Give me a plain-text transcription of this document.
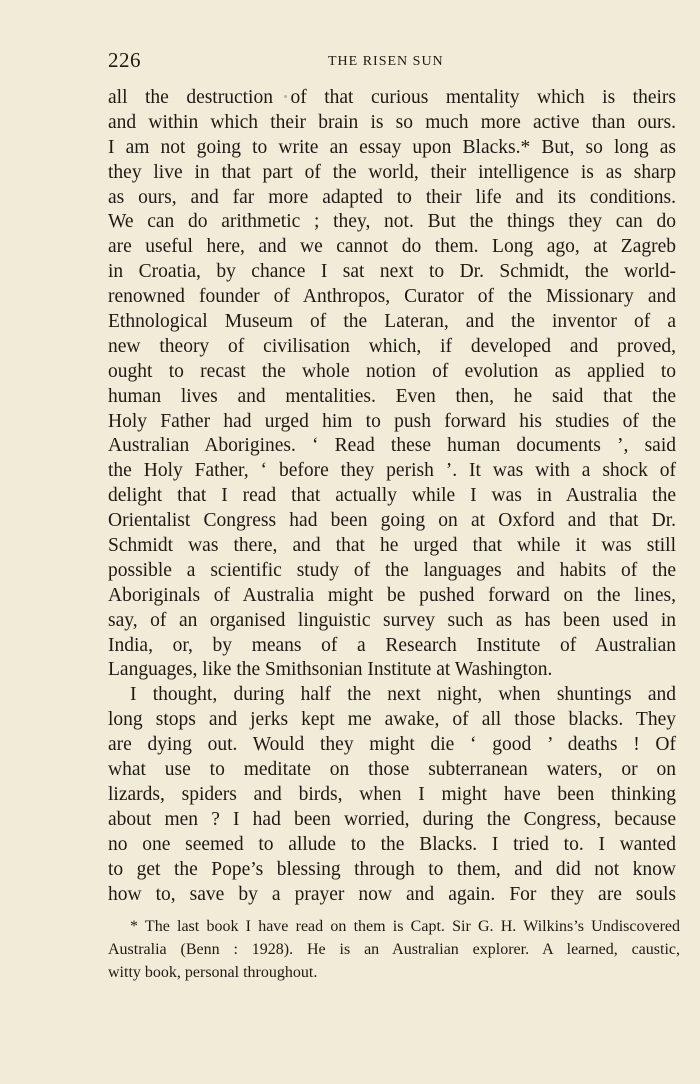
226	THE RISEN SUN
all the destruction of that curious mentality which is theirs
and within which their brain is so much more active than ours.
I am not going to write an essay upon Blacks.* But, so long as
they live in that part of the world, their intelligence is as sharp
as ours, and far more adapted to their life and its conditions.
We can do arithmetic ; they, not. But the things they can do
are useful here, and we cannot do them. Long ago, at Zagreb
in Croatia, by chance I sat next to Dr. Schmidt, the world-
renowned founder of Anthropos, Curator of the Missionary and
Ethnological Museum of the Lateran, and the inventor of a
new theory of civilisation which, if developed and proved,
ought to recast the whole notion of evolution as applied to
human lives and mentalities. Even then, he said that the
Holy Father had urged him to push forward his studies of the
Australian Aborigines. ‘ Read these human documents ’, said
the Holy Father, ‘ before they perish ’. It was with a shock of
delight that I read that actually while I was in Australia the
Orientalist Congress had been going on at Oxford and that Dr.
Schmidt was there, and that he urged that while it was still
possible a scientific study of the languages and habits of the
Aboriginals of Australia might be pushed forward on the lines,
say, of an organised linguistic survey such as has been used in
India, or, by means of a Research Institute of Australian
Languages, like the Smithsonian Institute at Washington.
I thought, during half the next night, when shuntings and
long stops and jerks kept me awake, of all those blacks. They
are dying out. Would they might die ‘ good ’ deaths ! Of
what use to meditate on those subterranean waters, or on
lizards, spiders and birds, when I might have been thinking
about men ? I had been worried, during the Congress, because
no one seemed to allude to the Blacks. I tried to. I wanted
to get the Pope’s blessing through to them, and did not know
how to, save by a prayer now and again. For they are souls
* The last book I have read on them is Capt. Sir G. H. Wilkins’s Undiscovered
Australia (Benn : 1928). He is an Australian explorer. A learned, caustic,
witty book, personal throughout.
